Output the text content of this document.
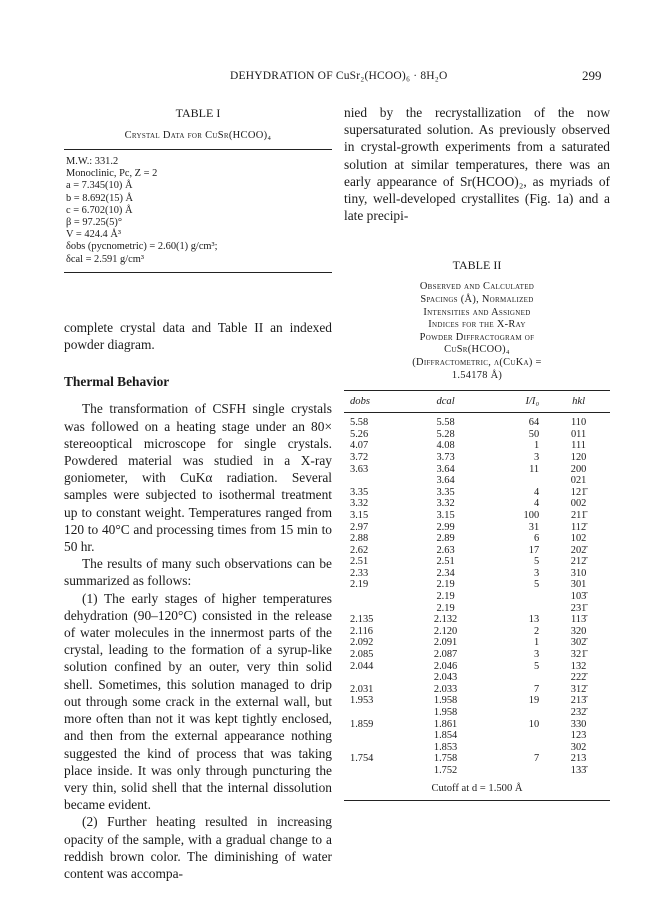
DEHYDRATION OF CuSr₂(HCOO)₆ · 8H₂O	299
TABLE I
Crystal Data for CuSr(HCOO)₄
M.W.: 331.2
Monoclinic, Pc, Z = 2
a = 7.345(10) Å
b = 8.692(15) Å
c = 6.702(10) Å
β = 97.25(5)°
V = 424.4 Å³
δobs (pycnometric) = 2.60(1) g/cm³;
δcal = 2.591 g/cm³

complete crystal data and Table II an indexed powder diagram.

Thermal Behavior

The transformation of CSFH single crystals was followed on a heating stage under an 80× stereooptical microscope for single crystals. Powdered material was studied in a X-ray goniometer, with CuKα radiation. Several samples were subjected to isothermal treatment up to constant weight. Temperatures ranged from 120 to 40°C and processing times from 15 min to 50 hr.

The results of many such observations can be summarized as follows:

(1) The early stages of higher temperatures dehydration (90–120°C) consisted in the release of water molecules in the innermost parts of the crystal, leading to the formation of a syrup-like solution confined by an outer, very thin solid shell. Sometimes, this solution managed to drip out through some crack in the external wall, but more often than not it was kept tightly enclosed, and then from the external appearance nothing suggested the kind of process that was taking place inside. It was only through puncturing the very thin, solid shell that the internal dissolution became evident.

(2) Further heating resulted in increasing opacity of the sample, with a gradual change to a reddish brown color. The diminishing of water content was accompa-

nied by the recrystallization of the now supersaturated solution. As previously observed in crystal-growth experiments from a saturated solution at similar temperatures, there was an early appearance of Sr(HCOO)₂, as myriads of tiny, well-developed crystallites (Fig. 1a) and a late precipi-

TABLE II
Observed and Calculated
Spacings (Å), Normalized
Intensities and Assigned
Indices for the X-Ray
Powder Diffractogram of
CuSr(HCOO)₄
(Diffractometric, λ(CuKα) =
1.54178 Å)
dobs	dcal	I/I₀	hkl

5.58	5.58	64	110
5.26	5.28	50	011
4.07	4.08	1	111
3.72	3.73	3	120
3.63	3.64	11	200
	3.64		021
3.35	3.35	4	121̄
3.32	3.32	4	002
3.15	3.15	100	211̄
2.97	2.99	31	112̄
2.88	2.89	6	102
2.62	2.63	17	202̄
2.51	2.51	5	212̄
2.33	2.34	3	310
2.19	2.19	5	301
	2.19		103̄
	2.19		231̄
2.135	2.132	13	113̄
2.116	2.120	2	320
2.092	2.091	1	302̄
2.085	2.087	3	321̄
2.044	2.046	5	132
	2.043		222̄
2.031	2.033	7	312̄
1.953	1.958	19	213̄
	1.958		232̄
1.859	1.861	10	330
	1.854		123
	1.853		302
1.754	1.758	7	213
	1.752		133̄
Cutoff at d = 1.500 Å
